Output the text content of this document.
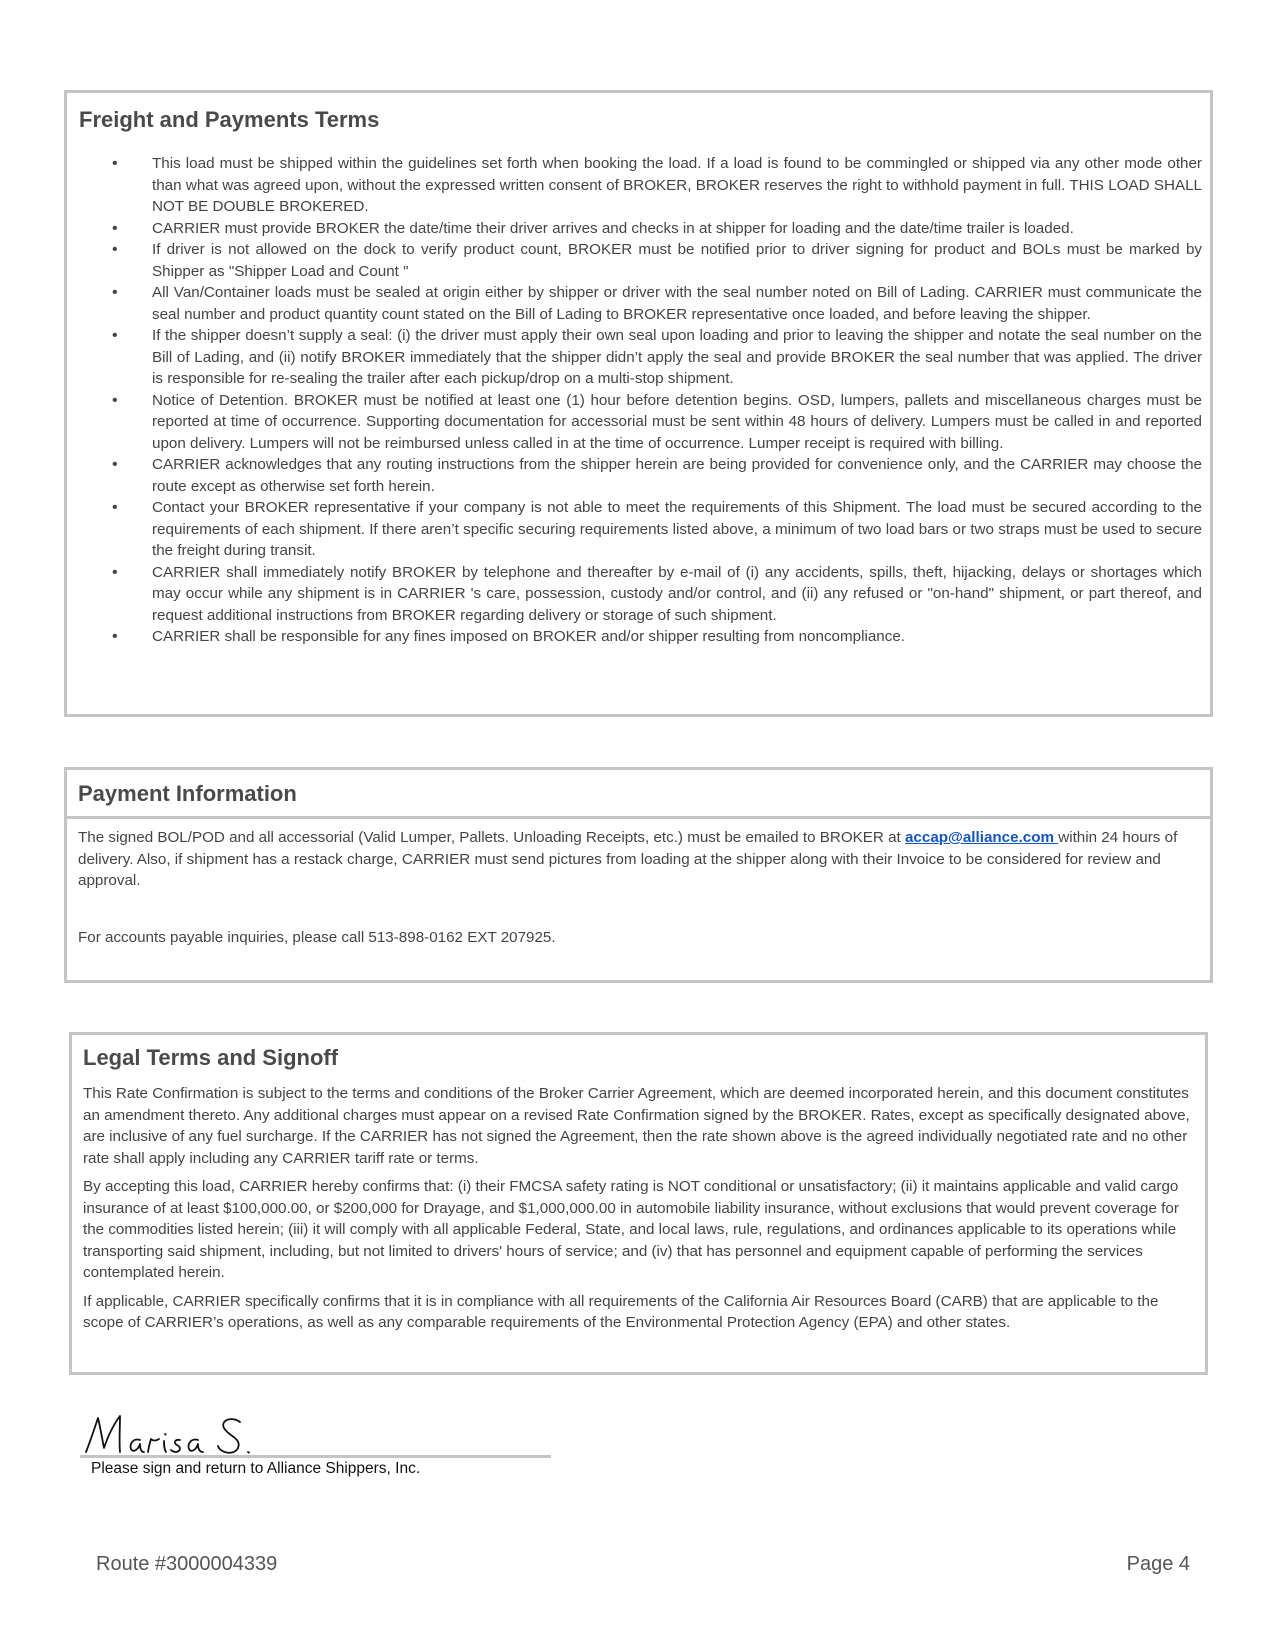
Freight and Payments Terms
• This load must be shipped within the guidelines set forth when booking the load. If a load is found to be commingled or shipped via any other mode other than what was agreed upon, without the expressed written consent of BROKER, BROKER reserves the right to withhold payment in full. THIS LOAD SHALL NOT BE DOUBLE BROKERED.
• CARRIER must provide BROKER the date/time their driver arrives and checks in at shipper for loading and the date/time trailer is loaded.
• If driver is not allowed on the dock to verify product count, BROKER must be notified prior to driver signing for product and BOLs must be marked by Shipper as "Shipper Load and Count "
• All Van/Container loads must be sealed at origin either by shipper or driver with the seal number noted on Bill of Lading. CARRIER must communicate the seal number and product quantity count stated on the Bill of Lading to BROKER representative once loaded, and before leaving the shipper.
• If the shipper doesn’t supply a seal: (i) the driver must apply their own seal upon loading and prior to leaving the shipper and notate the seal number on the Bill of Lading, and (ii) notify BROKER immediately that the shipper didn’t apply the seal and provide BROKER the seal number that was applied. The driver is responsible for re-sealing the trailer after each pickup/drop on a multi-stop shipment.
• Notice of Detention. BROKER must be notified at least one (1) hour before detention begins. OSD, lumpers, pallets and miscellaneous charges must be reported at time of occurrence. Supporting documentation for accessorial must be sent within 48 hours of delivery. Lumpers must be called in and reported upon delivery. Lumpers will not be reimbursed unless called in at the time of occurrence. Lumper receipt is required with billing.
• CARRIER acknowledges that any routing instructions from the shipper herein are being provided for convenience only, and the CARRIER may choose the route except as otherwise set forth herein.
• Contact your BROKER representative if your company is not able to meet the requirements of this Shipment. The load must be secured according to the requirements of each shipment. If there aren’t specific securing requirements listed above, a minimum of two load bars or two straps must be used to secure the freight during transit.
• CARRIER shall immediately notify BROKER by telephone and thereafter by e-mail of (i) any accidents, spills, theft, hijacking, delays or shortages which may occur while any shipment is in CARRIER 's care, possession, custody and/or control, and (ii) any refused or "on-hand" shipment, or part thereof, and request additional instructions from BROKER regarding delivery or storage of such shipment.
• CARRIER shall be responsible for any fines imposed on BROKER and/or shipper resulting from noncompliance.
Payment Information

The signed BOL/POD and all accessorial (Valid Lumper, Pallets. Unloading Receipts, etc.) must be emailed to BROKER at accap@alliance.com within 24 hours of delivery. Also, if shipment has a restack charge, CARRIER must send pictures from loading at the shipper along with their Invoice to be considered for review and approval.

For accounts payable inquiries, please call 513-898-0162 EXT 207925.

Legal Terms and Signoff

This Rate Confirmation is subject to the terms and conditions of the Broker Carrier Agreement, which are deemed incorporated herein, and this document constitutes an amendment thereto. Any additional charges must appear on a revised Rate Confirmation signed by the BROKER. Rates, except as specifically designated above, are inclusive of any fuel surcharge. If the CARRIER has not signed the Agreement, then the rate shown above is the agreed individually negotiated rate and no other rate shall apply including any CARRIER tariff rate or terms.

By accepting this load, CARRIER hereby confirms that: (i) their FMCSA safety rating is NOT conditional or unsatisfactory; (ii) it maintains applicable and valid cargo insurance of at least $100,000.00, or $200,000 for Drayage, and $1,000,000.00 in automobile liability insurance, without exclusions that would prevent coverage for the commodities listed herein; (iii) it will comply with all applicable Federal, State, and local laws, rule, regulations, and ordinances applicable to its operations while transporting said shipment, including, but not limited to drivers' hours of service; and (iv) that has personnel and equipment capable of performing the services contemplated herein.

If applicable, CARRIER specifically confirms that it is in compliance with all requirements of the California Air Resources Board (CARB) that are applicable to the scope of CARRIER’s operations, as well as any comparable requirements of the Environmental Protection Agency (EPA) and other states.

Please sign and return to Alliance Shippers, Inc.
Route #3000004339	Page 4
